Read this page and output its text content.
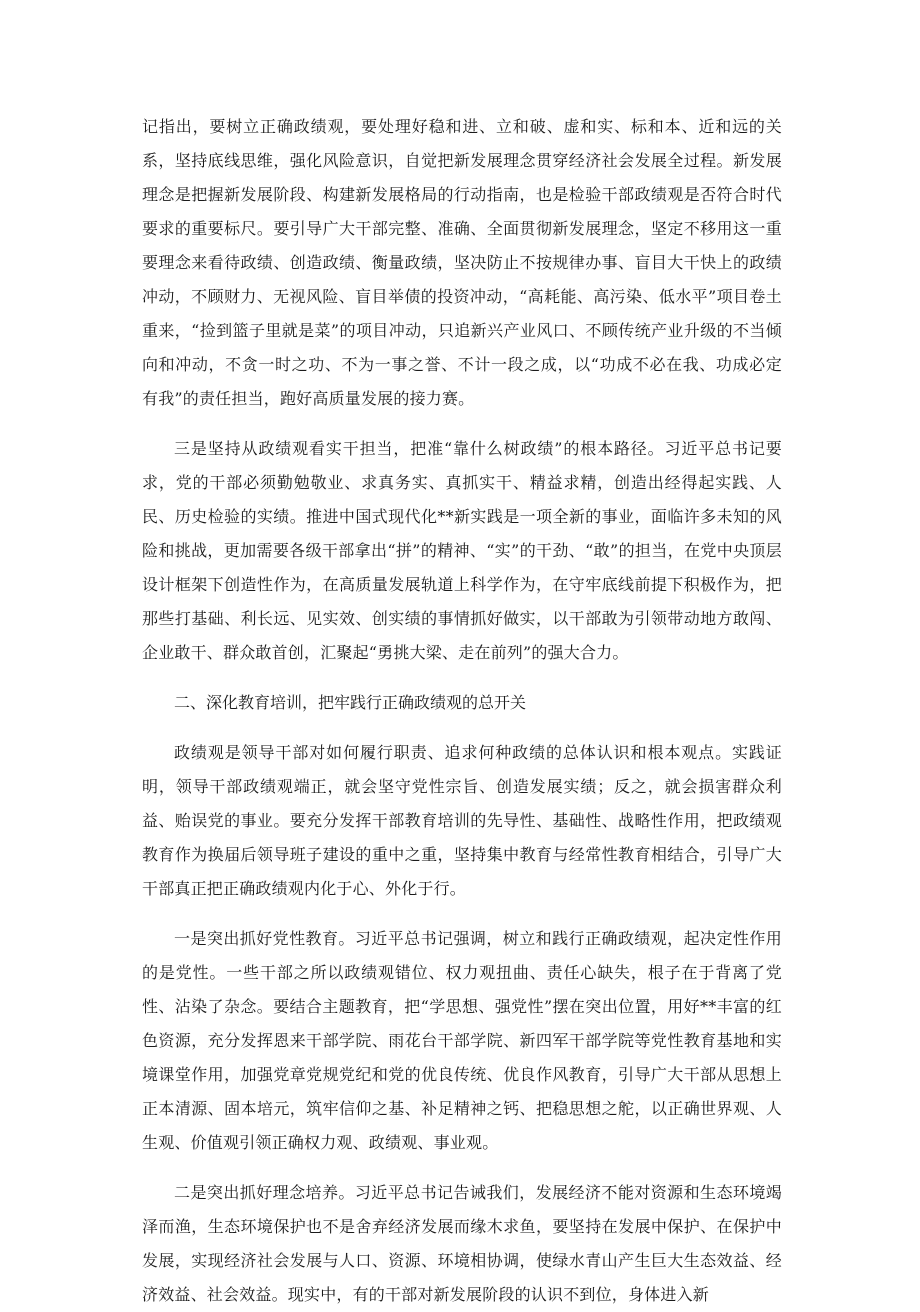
记指出，要树立正确政绩观，要处理好稳和进、立和破、虚和实、标和本、近和远的关系，坚持底线思维，强化风险意识，自觉把新发展理念贯穿经济社会发展全过程。新发展理念是把握新发展阶段、构建新发展格局的行动指南，也是检验干部政绩观是否符合时代要求的重要标尺。要引导广大干部完整、准确、全面贯彻新发展理念，坚定不移用这一重要理念来看待政绩、创造政绩、衡量政绩，坚决防止不按规律办事、盲目大干快上的政绩冲动，不顾财力、无视风险、盲目举债的投资冲动，“高耗能、高污染、低水平”项目卷土重来，“捡到篮子里就是菜”的项目冲动，只追新兴产业风口、不顾传统产业升级的不当倾向和冲动，不贪一时之功、不为一事之誉、不计一段之成，以“功成不必在我、功成必定有我”的责任担当，跑好高质量发展的接力赛。

三是坚持从政绩观看实干担当，把准“靠什么树政绩”的根本路径。习近平总书记要求，党的干部必须勤勉敬业、求真务实、真抓实干、精益求精，创造出经得起实践、人民、历史检验的实绩。推进中国式现代化**新实践是一项全新的事业，面临许多未知的风险和挑战，更加需要各级干部拿出“拼”的精神、“实”的干劲、“敢”的担当，在党中央顶层设计框架下创造性作为，在高质量发展轨道上科学作为，在守牢底线前提下积极作为，把那些打基础、利长远、见实效、创实绩的事情抓好做实，以干部敢为引领带动地方敢闯、企业敢干、群众敢首创，汇聚起“勇挑大梁、走在前列”的强大合力。

二、深化教育培训，把牢践行正确政绩观的总开关

政绩观是领导干部对如何履行职责、追求何种政绩的总体认识和根本观点。实践证明，领导干部政绩观端正，就会坚守党性宗旨、创造发展实绩；反之，就会损害群众利益、贻误党的事业。要充分发挥干部教育培训的先导性、基础性、战略性作用，把政绩观教育作为换届后领导班子建设的重中之重，坚持集中教育与经常性教育相结合，引导广大干部真正把正确政绩观内化于心、外化于行。

一是突出抓好党性教育。习近平总书记强调，树立和践行正确政绩观，起决定性作用的是党性。一些干部之所以政绩观错位、权力观扭曲、责任心缺失，根子在于背离了党性、沾染了杂念。要结合主题教育，把“学思想、强党性”摆在突出位置，用好**丰富的红色资源，充分发挥恩来干部学院、雨花台干部学院、新四军干部学院等党性教育基地和实境课堂作用，加强党章党规党纪和党的优良传统、优良作风教育，引导广大干部从思想上正本清源、固本培元，筑牢信仰之基、补足精神之钙、把稳思想之舵，以正确世界观、人生观、价值观引领正确权力观、政绩观、事业观。

二是突出抓好理念培养。习近平总书记告诫我们，发展经济不能对资源和生态环境竭泽而渔，生态环境保护也不是舍弃经济发展而缘木求鱼，要坚持在发展中保护、在保护中发展，实现经济社会发展与人口、资源、环境相协调，使绿水青山产生巨大生态效益、经济效益、社会效益。现实中，有的干部对新发展阶段的认识不到位，身体进入新
